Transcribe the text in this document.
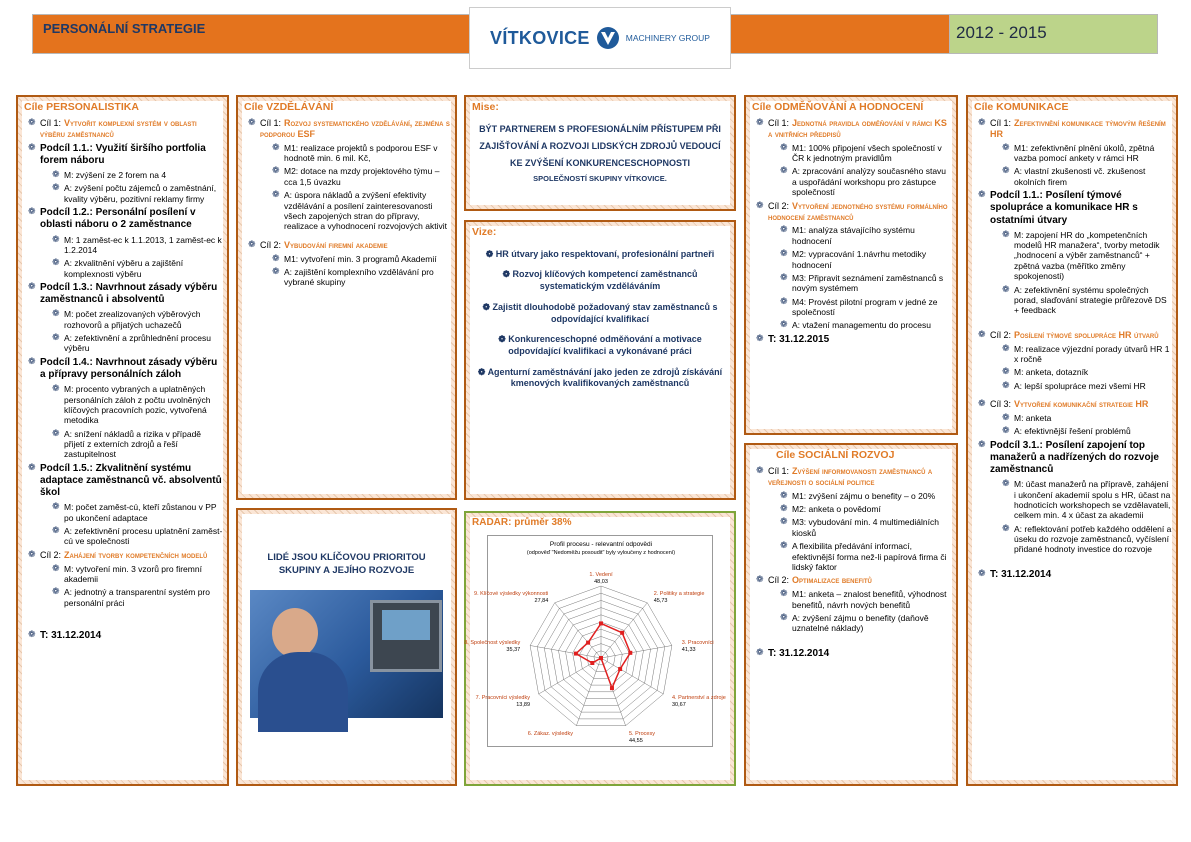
PERSONÁLNÍ STRATEGIE	VÍTKOVICE	MACHINERY GROUP	2012 - 2015
Cíle PERSONALISTIKA
❁ Cíl 1: Vytvořit komplexní systém v oblasti výběru zaměstnanců
❁ Podcíl 1.1.: Využití širšího portfolia forem náboru
❁ M: zvýšení ze 2 forem na 4
❁ A: zvýšení počtu zájemců o zaměstnání, kvality výběru, pozitivní reklamy firmy
❁ Podcíl 1.2.: Personální posílení v oblasti náboru o 2 zaměstnance
❁ M: 1 zaměst-ec k 1.1.2013, 1 zaměst-ec k 1.2.2014
❁ A: zkvalitnění výběru a zajištění komplexnosti výběru
❁ Podcíl 1.3.: Navrhnout zásady výběru zaměstnanců i absolventů
❁ M: počet zrealizovaných výběrových rozhovorů a přijatých uchazečů
❁ A: zefektivnění a zprůhlednění procesu výběru
❁ Podcíl 1.4.: Navrhnout zásady výběru a přípravy personálních záloh
❁ M: procento vybraných a uplatněných personálních záloh z počtu uvolněných klíčových pracovních pozic, vytvořená metodika
❁ A: snížení nákladů a rizika v případě přijetí z externích zdrojů a řeší zastupitelnost
❁ Podcíl 1.5.: Zkvalitnění systému adaptace zaměstnanců vč. absolventů škol
❁ M: počet zaměst-cú, kteří zůstanou v PP po ukončení adaptace
❁ A: zefektivnění procesu uplatnění zaměst-cú ve společnosti
❁ Cíl 2: Zahájení tvorby kompetenčních modelů
❁ M: vytvoření min. 3 vzorů pro firemní akademii
❁ A: jednotný a transparentní systém pro personální práci
❁ T: 31.12.2014
Cíle VZDĚLÁVÁNÍ
❁ Cíl 1: Rozvoj systematického vzdělávání, zejména s podporou ESF
❁ M1: realizace projektů s podporou ESF v hodnotě min. 6 mil. Kč,
❁ M2: dotace na mzdy projektového týmu – cca 1,5 úvazku
❁ A: úspora nákladů a zvýšení efektivity vzdělávání a posílení zainteresovanosti všech zapojených stran do přípravy, realizace a vyhodnocení rozvojových aktivit
❁ Cíl 2: Vybudování firemní akademie
❁ M1: vytvoření min. 3 programů Akademií
❁ A: zajištění komplexního vzdělávání pro vybrané skupiny
LIDÉ JSOU KLÍČOVOU PRIORITOU SKUPINY A JEJÍHO ROZVOJE
Mise:
BÝT PARTNEREM S PROFESIONÁLNÍM PŘÍSTUPEM PŘI ZAJIŠŤOVÁNÍ A ROZVOJI LIDSKÝCH ZDROJŮ VEDOUCÍ KE ZVÝŠENÍ KONKURENCESCHOPNOSTI
SPOLEČNOSTÍ SKUPINY VÍTKOVICE.
Vize:
❁ HR útvary jako respektovaní, profesionální partneři
❁ Rozvoj klíčových kompetencí zaměstnanců systematickým vzděláváním
❁ Zajistit dlouhodobě požadovaný stav zaměstnanců s odpovídající kvalifikací
❁ Konkurenceschopné odměňování a motivace odpovídající kvalifikaci a vykonávané práci
❁ Agenturní zaměstnávání jako jeden ze zdrojů získávání kmenových kvalifikovaných zaměstnanců
RADAR: průměr 38%
Profil procesu - relevantní odpovědi
(odpověď "Nedoměžu posoudit" byly vyloučeny z hodnocení)
1. Vedení
48,03
2. Politiky a strategie
45,73
3. Pracovníci
41,33
4. Partnerství a zdroje
30,67
5. Procesy
44,55
6. Zákaz. výsledky
7. Pracovníci výsledky
13,89
8. Společnost výsledky
35,37
9. Klíčové výsledky výkonnosti
27,84
Cíle ODMĚŇOVÁNÍ A HODNOCENÍ
❁ Cíl 1: Jednotná pravidla odměňování v rámci KS a vnitřních předpisů
❁ M1: 100% připojení všech společností v ČR k jednotným pravidlům
❁ A: zpracování analýzy současného stavu a uspořádání workshopu pro zástupce společností
❁ Cíl 2: Vytvoření jednotného systému formálního hodnocení zaměstnanců
❁ M1: analýza stávajícího systému hodnocení
❁ M2: vypracování 1.návrhu metodiky hodnocení
❁ M3: Připravit seznámení zaměstnanců s novým systémem
❁ M4: Provést pilotní program v jedné ze společností
❁ A: vtažení managementu do procesu
❁ T: 31.12.2015
Cíle SOCIÁLNÍ ROZVOJ
❁ Cíl 1: Zvýšení informovanosti zaměstnanců a veřejnosti o sociální politice
❁ M1: zvýšení zájmu o benefity – o 20%
❁ M2: anketa o povědomí
❁ M3: vybudování min. 4 multimediálních kiosků
❁ A flexibilita předávání informací, efektivnější forma než-li papírová firma či lidský faktor
❁ Cíl 2: Optimalizace benefitů
❁ M1: anketa – znalost benefitů, výhodnost benefitů, návrh nových benefitů
❁ A: zvýšení zájmu o benefity (daňově uznatelné náklady)
❁ T: 31.12.2014
Cíle KOMUNIKACE
❁ Cíl 1: Zefektivnění komunikace týmovým řešením HR
❁ M1: zefektivnění plnění úkolů, zpětná vazba pomocí ankety v rámci HR
❁ A: vlastní zkušenosti vč. zkušenost okolních firem
❁ Podcíl 1.1.: Posílení týmové spolupráce a komunikace HR s ostatními útvary
❁ M: zapojení HR do „kompetenčních modelů HR manažera“, tvorby metodik „hodnocení a výběr zaměstnanců“ + zpětná vazba (měřítko změny spokojenosti)
❁ A: zefektivnění systému společných porad, slaďování strategie průřezově DS + feedback
❁ Cíl 2: Posílení týmové spolupráce HR útvarů
❁ M: realizace výjezdní porady útvarů HR 1 x ročně
❁ M: anketa, dotazník
❁ A: lepší spolupráce mezi všemi HR
❁ Cíl 3: Vytvoření komunikační strategie HR
❁ M: anketa
❁ A: efektivnější řešení problémů
❁ Podcíl 3.1.: Posílení zapojení top manažerů a nadřízených do rozvoje zaměstnanců
❁ M: účast manažerů na přípravě, zahájení i ukončení akademií spolu s HR, účast na hodnoticích workshopech se vzdělavateli, celkem min. 4 x účast za akademii
❁ A: reflektování potřeb každého oddělení a úseku do rozvoje zaměstnanců, vyčíslení přidané hodnoty investice do rozvoje
❁ T: 31.12.2014
